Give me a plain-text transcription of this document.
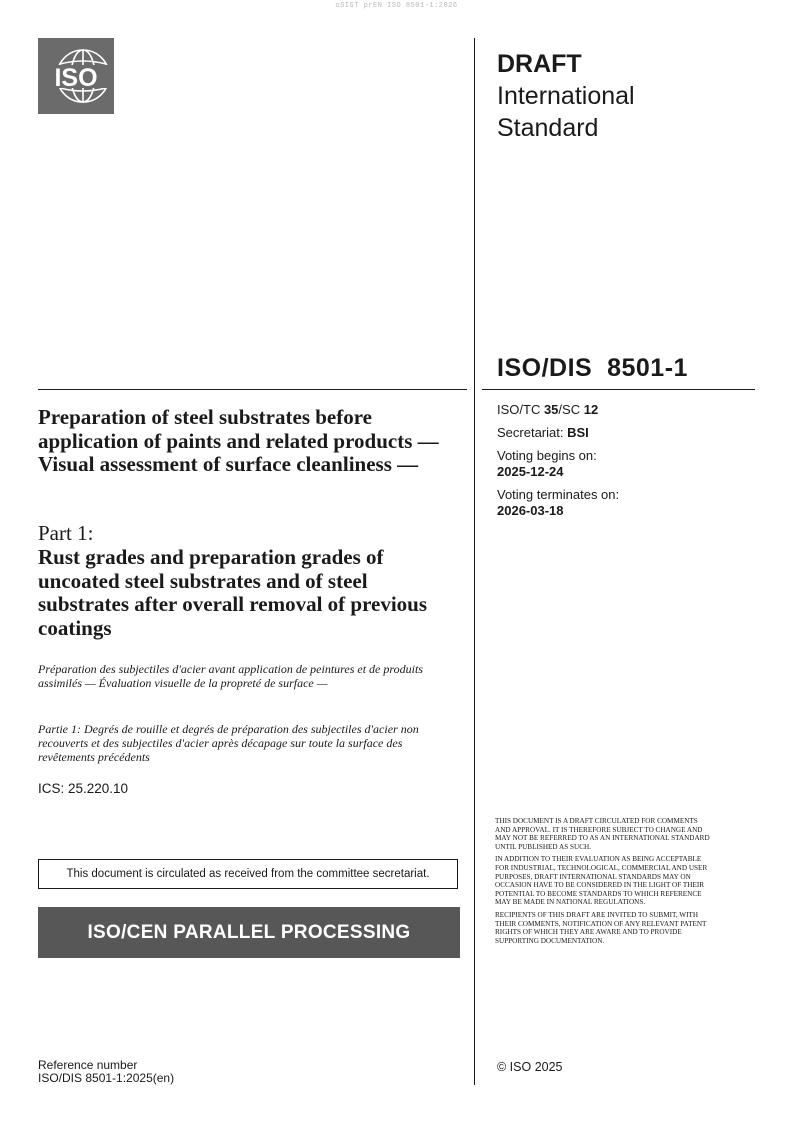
oSIST prEN ISO 8501-1:2026
ISO	DRAFT
International
Standard
ISO/DIS  8501-1

ISO/TC 35/SC 12

Secretariat: BSI

Voting begins on:
2025-12-24

Voting terminates on:
2026-03-18

Preparation of steel substrates before application of paints and related products — Visual assessment of surface cleanliness —
Part 1:
Rust grades and preparation grades of uncoated steel substrates and of steel substrates after overall removal of previous coatings
Préparation des subjectiles d'acier avant application de peintures et de produits assimilés — Évaluation visuelle de la propreté de surface —
Partie 1: Degrés de rouille et degrés de préparation des subjectiles d'acier non recouverts et des subjectiles d'acier après décapage sur toute la surface des revêtements précédents
ICS: 25.220.10
This document is circulated as received from the committee secretariat.
ISO/CEN PARALLEL PROCESSING
Reference number
ISO/DIS 8501-1:2025(en)

THIS DOCUMENT IS A DRAFT CIRCULATED FOR COMMENTS AND APPROVAL. IT IS THEREFORE SUBJECT TO CHANGE AND MAY NOT BE REFERRED TO AS AN INTERNATIONAL STANDARD UNTIL PUBLISHED AS SUCH.

IN ADDITION TO THEIR EVALUATION AS BEING ACCEPTABLE FOR INDUSTRIAL, TECHNOLOGICAL, COMMERCIAL AND USER PURPOSES, DRAFT INTERNATIONAL STANDARDS MAY ON OCCASION HAVE TO BE CONSIDERED IN THE LIGHT OF THEIR POTENTIAL TO BECOME STANDARDS TO WHICH REFERENCE MAY BE MADE IN NATIONAL REGULATIONS.

RECIPIENTS OF THIS DRAFT ARE INVITED TO SUBMIT, WITH THEIR COMMENTS, NOTIFICATION OF ANY RELEVANT PATENT RIGHTS OF WHICH THEY ARE AWARE AND TO PROVIDE SUPPORTING DOCUMENTATION.

© ISO 2025
